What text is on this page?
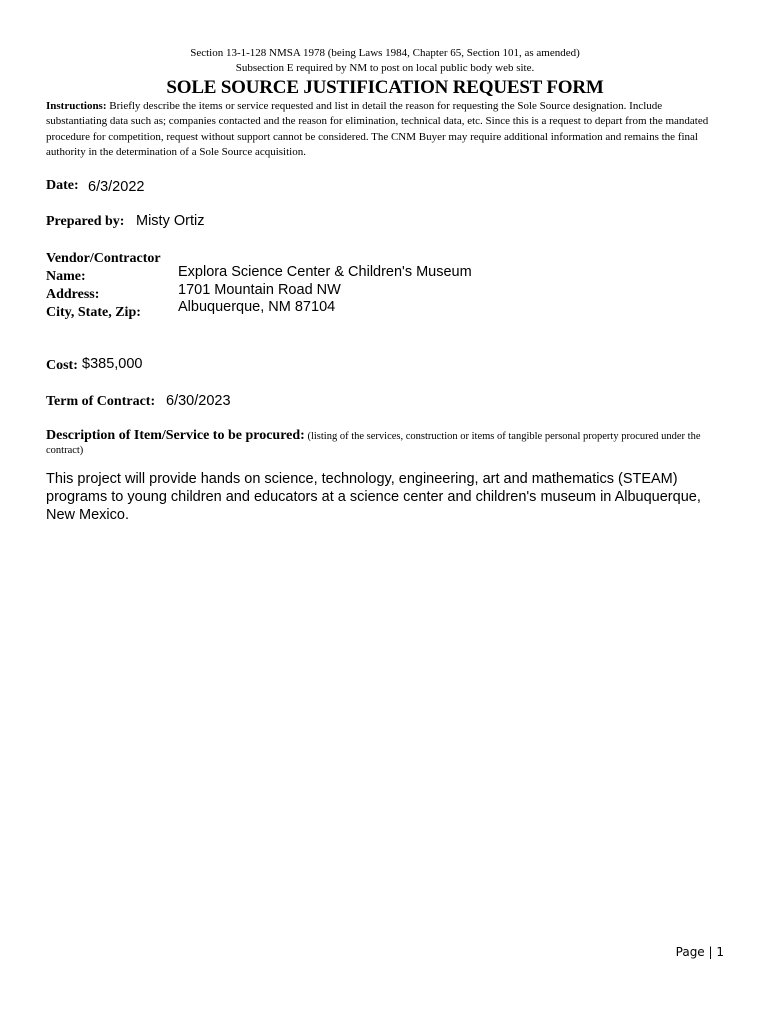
Section 13-1-128 NMSA 1978 (being Laws 1984, Chapter 65, Section 101, as amended)
Subsection E required by NM to post on local public body web site.
SOLE SOURCE JUSTIFICATION REQUEST FORM
Instructions: Briefly describe the items or service requested and list in detail the reason for requesting the Sole Source designation. Include substantiating data such as; companies contacted and the reason for elimination, technical data, etc. Since this is a request to depart from the mandated procedure for competition, request without support cannot be considered. The CNM Buyer may require additional information and remains the final authority in the determination of a Sole Source acquisition.
Date: 6/3/2022
Prepared by: Misty Ortiz
Vendor/Contractor
Name:
Address:
City, State, Zip:
Explora Science Center & Children's Museum
1701 Mountain Road NW
Albuquerque, NM 87104
Cost: $385,000
Term of Contract: 6/30/2023
Description of Item/Service to be procured: (listing of the services, construction or items of tangible personal property procured under the contract)
This project will provide hands on science, technology, engineering, art and mathematics (STEAM) programs to young children and educators at a science center and children's museum in Albuquerque, New Mexico.
Page | 1
